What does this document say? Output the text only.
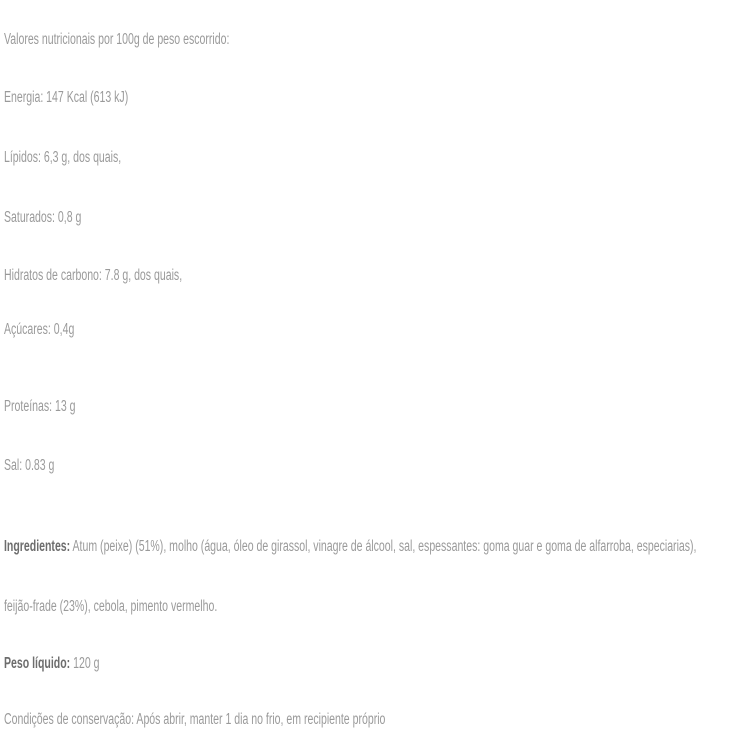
Valores nutricionais por 100g de peso escorrido:
Energia: 147 Kcal (613 kJ)
Lípidos: 6,3 g, dos quais,
Saturados: 0,8 g
Hidratos de carbono: 7.8 g, dos quais,
Açúcares: 0,4g
Proteínas: 13 g
Sal: 0.83 g
Ingredientes: Atum (peixe) (51%), molho (água, óleo de girassol, vinagre de álcool, sal, espessantes: goma guar e goma de alfarroba, especiarias),
feijão-frade (23%), cebola, pimento vermelho.
Peso líquido: 120 g
Condições de conservação: Após abrir, manter 1 dia no frio, em recipiente próprio
